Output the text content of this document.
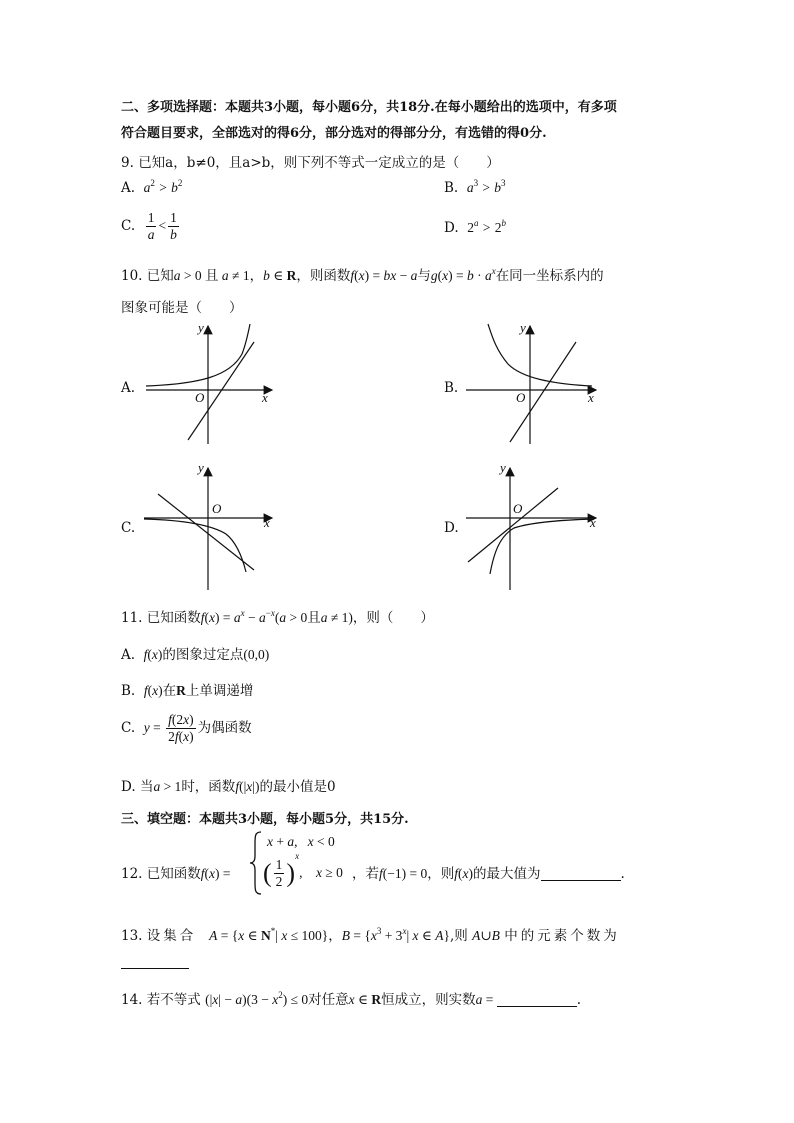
二、多项选择题：本题共3小题，每小题6分，共18分.在每小题给出的选项中，有多项
符合题目要求，全部选对的得6分，部分选对的得部分分，有选错的得0分.
9. 已知a，b≠0，且a>b，则下列不等式一定成立的是（　　）
A. $a^2 > b^2$	B. $a^3 > b^3$
C. $\frac{1}{a} < \frac{1}{b}$	D. $2^a > 2^b$
10. 已知a > 0 且 a ≠ 1，b ∈ R，则函数f(x) = bx − a与$g(x) = b \cdot a^x$在同一坐标系内的
图象可能是（　　）
A.
y
x
O
B.
y
x
O
C.
y
x
O
D.
y
x
O
11. 已知函数$f(x) = a^x - a^{-x}(a > 0$且a ≠ 1)，则（　　）
A. f(x)的图象过定点(0,0)
B. f(x)在R上单调递增
C. $y = \frac{f(2x)}{2f(x)}$ 为偶函数
D. 当a > 1时，函数f(|x|)的最小值是0
三、填空题：本题共3小题，每小题5分，共15分.
12. 已知函数f(x) =
x + a,   x < 0
( $\frac{1}{2} )^x$,    x ≥ 0 ，若f(−1) = 0，则f(x)的最大值为	.
13. 设集合 A = {x ∈ N*| x ≤ 100}，$B = \{x^3 + 3^x|$ x ∈ A},则 A∪B 中的元素个数为
14. 若不等式 $(|x| - a)(3 - x^2) \le 0$对任意x ∈ R恒成立，则实数a =	.
